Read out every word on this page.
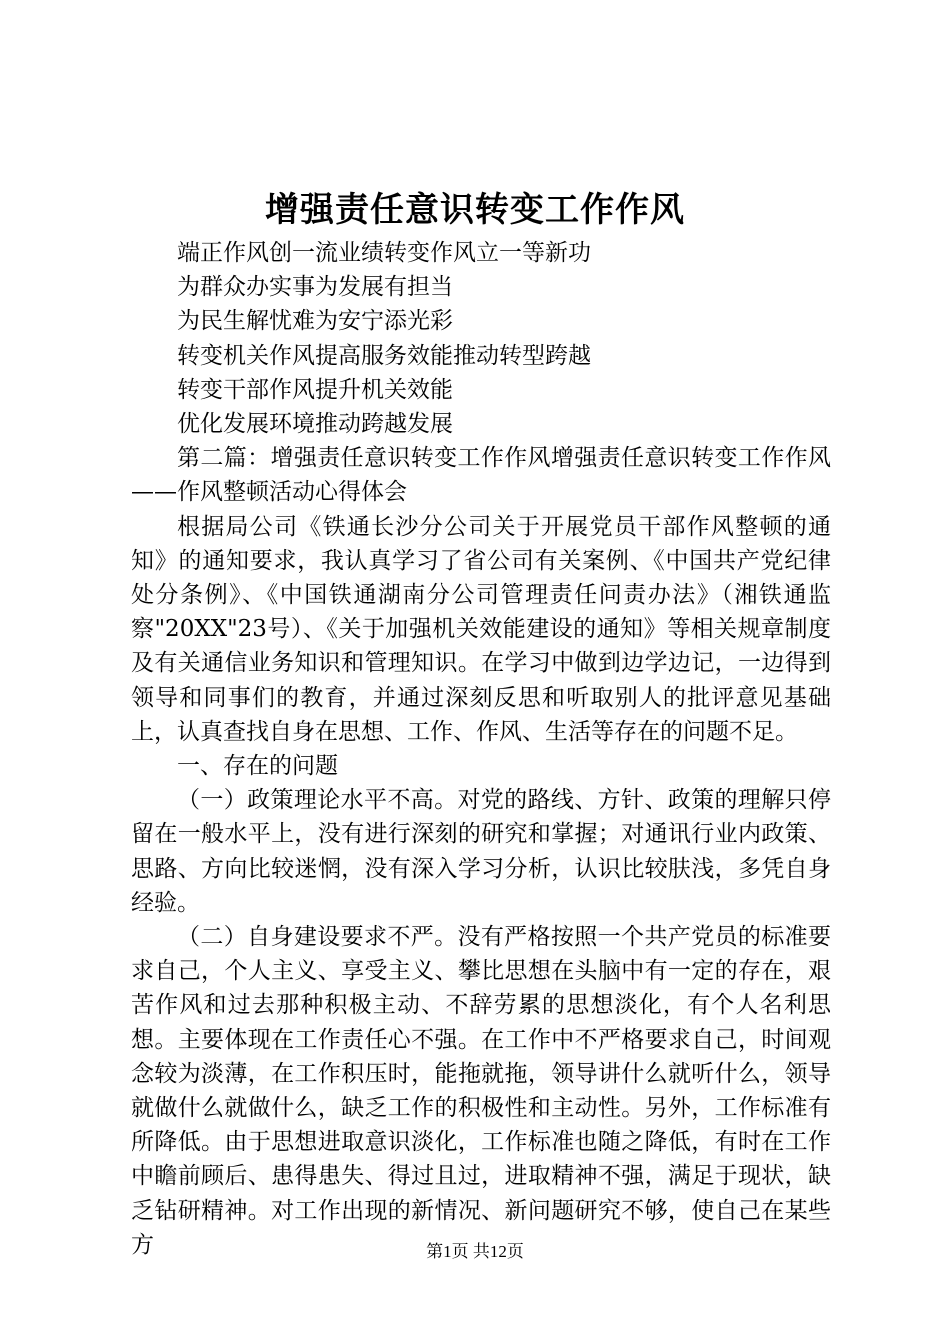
增强责任意识转变工作作风
端正作风创一流业绩转变作风立一等新功
为群众办实事为发展有担当
为民生解忧难为安宁添光彩
转变机关作风提高服务效能推动转型跨越
转变干部作风提升机关效能
优化发展环境推动跨越发展

第二篇：增强责任意识转变工作作风增强责任意识转变工作作风——作风整顿活动心得体会

根据局公司《铁通长沙分公司关于开展党员干部作风整顿的通知》的通知要求，我认真学习了省公司有关案例、《中国共产党纪律处分条例》、《中国铁通湖南分公司管理责任问责办法》（湘铁通监察"20XX"23号）、《关于加强机关效能建设的通知》等相关规章制度及有关通信业务知识和管理知识。在学习中做到边学边记，一边得到领导和同事们的教育，并通过深刻反思和听取别人的批评意见基础上，认真查找自身在思想、工作、作风、生活等存在的问题不足。

一、存在的问题

（一）政策理论水平不高。对党的路线、方针、政策的理解只停留在一般水平上，没有进行深刻的研究和掌握；对通讯行业内政策、思路、方向比较迷惘，没有深入学习分析，认识比较肤浅，多凭自身经验。

（二）自身建设要求不严。没有严格按照一个共产党员的标准要求自己，个人主义、享受主义、攀比思想在头脑中有一定的存在，艰苦作风和过去那种积极主动、不辞劳累的思想淡化，有个人名利思想。主要体现在工作责任心不强。在工作中不严格要求自己，时间观念较为淡薄，在工作积压时，能拖就拖，领导讲什么就听什么，领导就做什么就做什么，缺乏工作的积极性和主动性。另外，工作标准有所降低。由于思想进取意识淡化，工作标准也随之降低，有时在工作中瞻前顾后、患得患失、得过且过，进取精神不强，满足于现状，缺乏钻研精神。对工作出现的新情况、新问题研究不够，使自己在某些方	第1页 共12页
